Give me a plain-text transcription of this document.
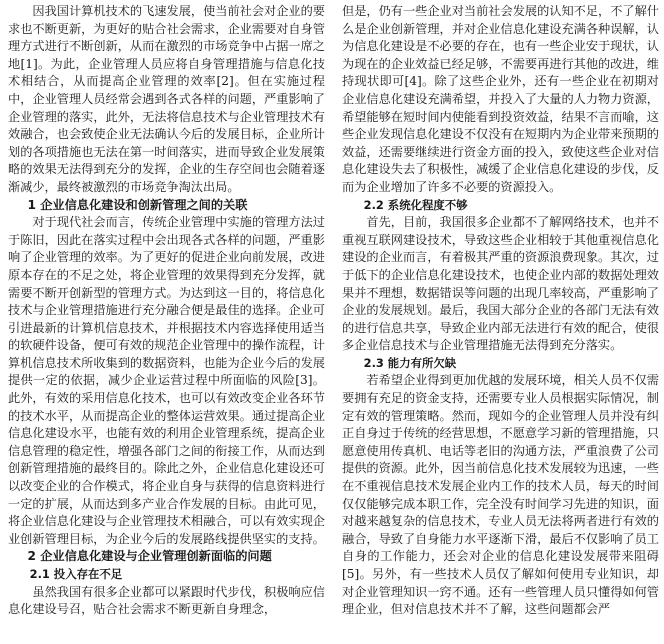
因我国计算机技术的飞速发展，使当前社会对企业的要求也不断更新，为更好的贴合社会需求，企业需要对自身管理方式进行不断创新，从而在激烈的市场竞争中占据一席之地[1]。为此，企业管理人员应将自身管理措施与信息化技术相结合，从而提高企业管理的效率[2]。但在实施过程中，企业管理人员经常会遇到各式各样的问题，严重影响了企业管理的落实，此外，无法将信息技术与企业管理技术有效融合，也会致使企业无法确认今后的发展目标，企业所计划的各项措施也无法在第一时间落实，进而导致企业发展策略的效果无法得到充分的发挥，企业的生存空间也会随着逐渐减少，最终被激烈的市场竞争淘汰出局。

1 企业信息化建设和创新管理之间的关联

对于现代社会而言，传统企业管理中实施的管理方法过于陈旧，因此在落实过程中会出现各式各样的问题，严重影响了企业管理的效率。为了更好的促进企业向前发展，改进原本存在的不足之处，将企业管理的效果得到充分发挥，就需要不断开创新型的管理方式。为达到这一目的，将信息化技术与企业管理措施进行充分融合便是最佳的选择。企业可引进最新的计算机信息技术，并根据技术内容选择使用适当的软硬件设备，便可有效的规范企业管理中的操作流程，计算机信息技术所收集到的数据资料，也能为企业今后的发展提供一定的依据，减少企业运营过程中所面临的风险[3]。此外，有效的采用信息化技术，也可以有效改变企业各环节的技术水平，从而提高企业的整体运营效果。通过提高企业信息化建设水平，也能有效的利用企业管理系统，提高企业信息管理的稳定性，增强各部门之间的衔接工作，从而达到创新管理措施的最终目的。除此之外，企业信息化建设还可以改变企业的合作模式，将企业自身与获得的信息资料进行一定的扩展，从而达到多产业合作发展的目标。由此可见，将企业信息化建设与企业管理技术相融合，可以有效实现企业创新管理目标，为企业今后的发展路线提供坚实的支持。

2 企业信息化建设与企业管理创新面临的问题
2.1 投入存在不足

虽然我国有很多企业都可以紧跟时代步伐，积极响应信息化建设号召，贴合社会需求不断更新自身理念，

但是，仍有一些企业对当前社会发展的认知不足，不了解什么是企业创新管理，并对企业信息化建设充满各种误解，认为信息化建设是不必要的存在，也有一些企业安于现状，认为现在的企业效益已经足够，不需要再进行其他的改进，维持现状即可[4]。除了这些企业外，还有一些企业在初期对企业信息化建设充满希望，并投入了大量的人力物力资源，希望能够在短时间内使能看到投资效益，结果不言而喻，这些企业发现信息化建设不仅没有在短期内为企业带来预期的效益，还需要继续进行资金方面的投入，致使这些企业对信息化建设失去了积极性，减缓了企业信息化建设的步伐，反而为企业增加了许多不必要的资源投入。

2.2 系统化程度不够

首先，目前，我国很多企业都不了解网络技术，也并不重视互联网建设技术，导致这些企业相较于其他重视信息化建设的企业而言，有着极其严重的资源浪费现象。其次，过于低下的企业信息化建设技术，也使企业内部的数据处理效果并不理想，数据错误等问题的出现几率较高，严重影响了企业的发展规划。最后，我国大部分企业的各部门无法有效的进行信息共享，导致企业内部无法进行有效的配合，使很多企业信息技术与企业管理措施无法得到充分落实。

2.3 能力有所欠缺

若希望企业得到更加优越的发展环境，相关人员不仅需要拥有充足的资金支持，还需要专业人员根据实际情况，制定有效的管理策略。然而，现如今的企业管理人员并没有纠正自身过于传统的经营思想，不愿意学习新的管理措施，只愿意使用传真机、电话等老旧的沟通方法，严重浪费了公司提供的资源。此外，因当前信息化技术发展较为迅速，一些在不重视信息技术发展企业内工作的技术人员，每天的时间仅仅能够完成本职工作，完全没有时间学习先进的知识，面对越来越复杂的信息技术，专业人员无法将两者进行有效的融合，导致了自身能力水平逐渐下滑，最后不仅影响了员工自身的工作能力，还会对企业的信息化建设发展带来阻碍[5]。另外，有一些技术人员仅了解如何使用专业知识，却对企业管理知识一窍不通。还有一些管理人员只懂得如何管理企业，但对信息技术并不了解，这些问题都会严
